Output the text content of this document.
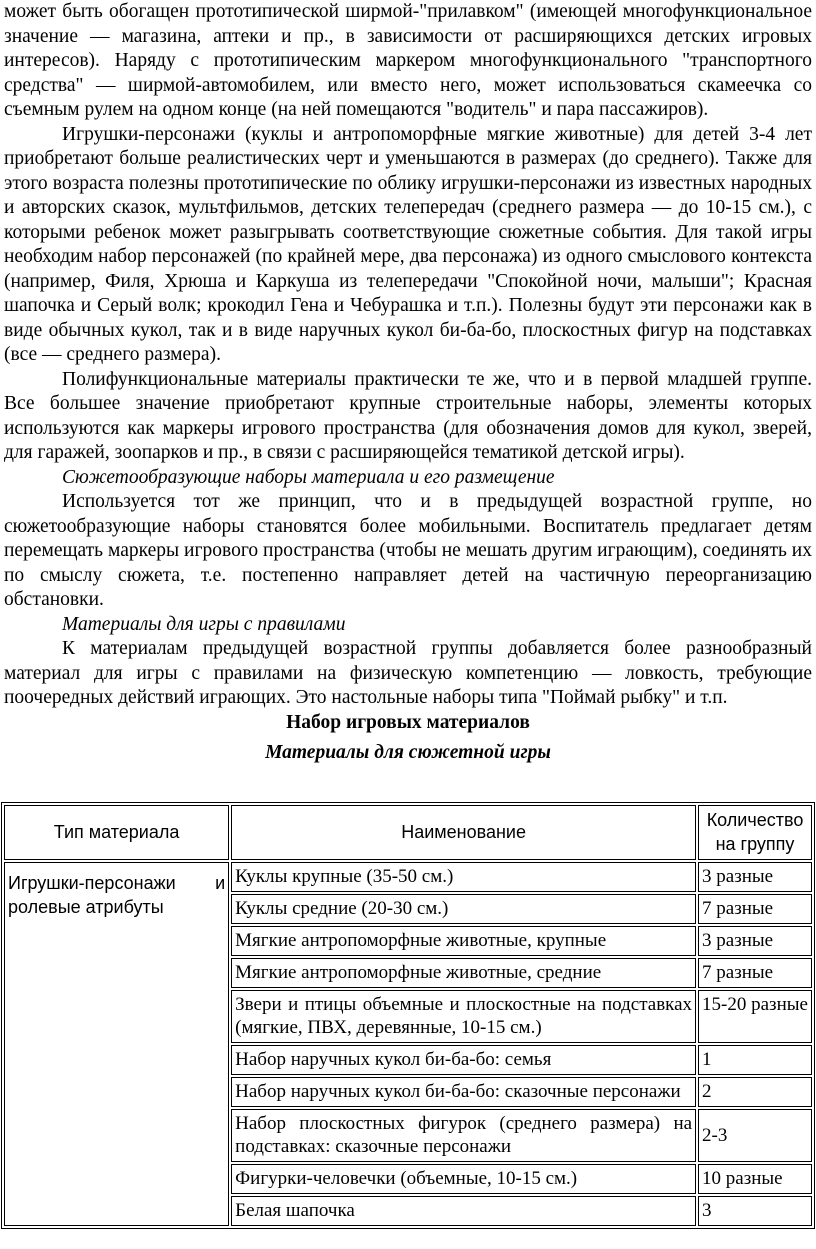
может быть обогащен прототипической ширмой-"прилавком" (имеющей многофункциональное значение — магазина, аптеки и пр., в зависимости от расширяющихся детских игровых интересов). Наряду с прототипическим маркером многофункционального "транспортного средства" — ширмой-автомобилем, или вместо него, может использоваться скамеечка со съемным рулем на одном конце (на ней помещаются "водитель" и пара пассажиров).

Игрушки-персонажи (куклы и антропоморфные мягкие животные) для детей 3-4 лет приобретают больше реалистических черт и уменьшаются в размерах (до среднего). Также для этого возраста полезны прототипические по облику игрушки-персонажи из известных народных и авторских сказок, мультфильмов, детских телепередач (среднего размера — до 10-15 см.), с которыми ребенок может разыгрывать соответствующие сюжетные события. Для такой игры необходим набор персонажей (по крайней мере, два персонажа) из одного смыслового контекста (например, Филя, Хрюша и Каркуша из телепередачи "Спокойной ночи, малыши"; Красная шапочка и Серый волк; крокодил Гена и Чебурашка и т.п.). Полезны будут эти персонажи как в виде обычных кукол, так и в виде наручных кукол би-ба-бо, плоскостных фигур на подставках (все — среднего размера).

Полифункциональные материалы практически те же, что и в первой младшей группе. Все большее значение приобретают крупные строительные наборы, элементы которых используются как маркеры игрового пространства (для обозначения домов для кукол, зверей, для гаражей, зоопарков и пр., в связи с расширяющейся тематикой детской игры).

Сюжетообразующие наборы материала и его размещение

Используется тот же принцип, что и в предыдущей возрастной группе, но сюжетообразующие наборы становятся более мобильными. Воспитатель предлагает детям перемещать маркеры игрового пространства (чтобы не мешать другим играющим), соединять их по смыслу сюжета, т.е. постепенно направляет детей на частичную переорганизацию обстановки.

Материалы для игры с правилами

К материалам предыдущей возрастной группы добавляется более разнообразный материал для игры с правилами на физическую компетенцию — ловкость, требующие поочередных действий играющих. Это настольные наборы типа "Поймай рыбку" и т.п.

Набор игровых материалов

Материалы для сюжетной игры

Тип материала	Наименование	Количество на группу
Игрушки-персонажи и ролевые атрибуты	Куклы крупные (35-50 см.)	3 разные
	Куклы средние (20-30 см.)	7 разные
	Мягкие антропоморфные животные, крупные	3 разные
	Мягкие антропоморфные животные, средние	7 разные
	Звери и птицы объемные и плоскостные на подставках (мягкие, ПВХ, деревянные, 10-15 см.)	15-20 разные
	Набор наручных кукол би-ба-бо: семья	1
	Набор наручных кукол би-ба-бо: сказочные персонажи	2
	Набор плоскостных фигурок (среднего размера) на подставках: сказочные персонажи	2-3
	Фигурки-человечки (объемные, 10-15 см.)	10 разные
	Белая шапочка	3
